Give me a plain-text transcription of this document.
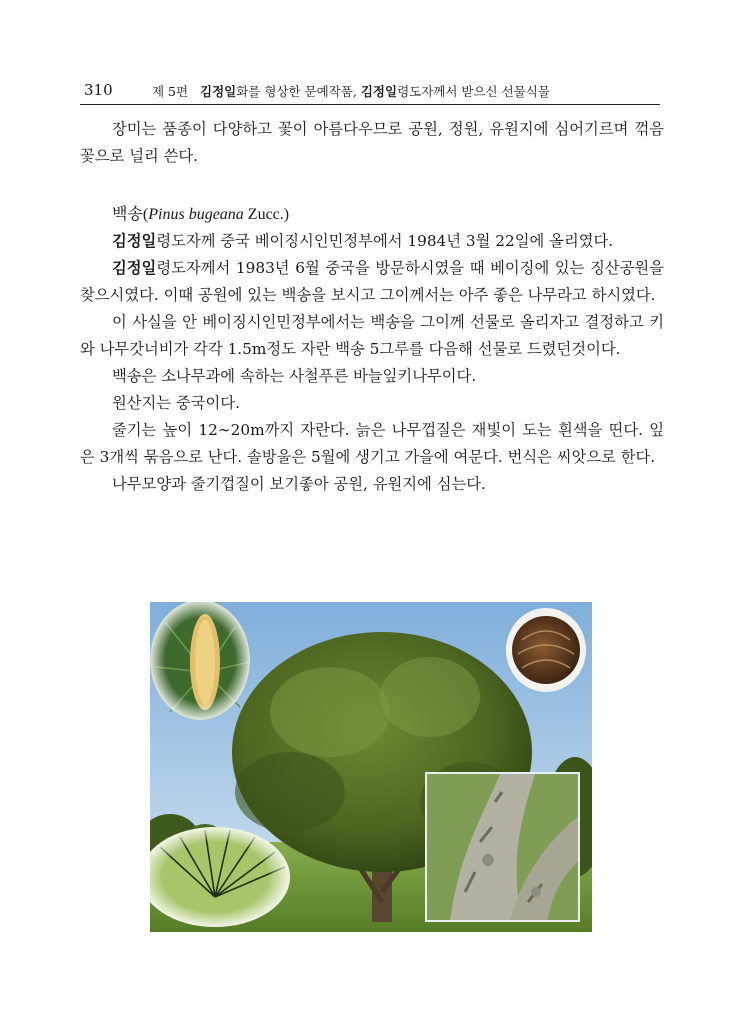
310	제 5편 김정일화를 형상한 문예작품, 김정일령도자께서 받으신 선물식물

장미는 품종이 다양하고 꽃이 아름다우므로 공원, 정원, 유원지에 심어기르며 꺾음꽃으로 널리 쓴다.

백송(Pinus bugeana Zucc.)

김정일령도자께 중국 베이징시인민정부에서 1984년 3월 22일에 올리였다.

김정일령도자께서 1983년 6월 중국을 방문하시였을 때 베이징에 있는 징산공원을 찾으시였다. 이때 공원에 있는 백송을 보시고 그이께서는 아주 좋은 나무라고 하시였다.

이 사실을 안 베이징시인민정부에서는 백송을 그이께 선물로 올리자고 결정하고 키와 나무갓너비가 각각 1.5m정도 자란 백송 5그루를 다음해 선물로 드렸던것이다.

백송은 소나무과에 속하는 사철푸른 바늘잎키나무이다.

원산지는 중국이다.

줄기는 높이 12∼20m까지 자란다. 늙은 나무껍질은 재빛이 도는 흰색을 띤다. 잎은 3개씩 묶음으로 난다. 솔방울은 5월에 생기고 가을에 여문다. 번식은 씨앗으로 한다.

나무모양과 줄기껍질이 보기좋아 공원, 유원지에 심는다.
